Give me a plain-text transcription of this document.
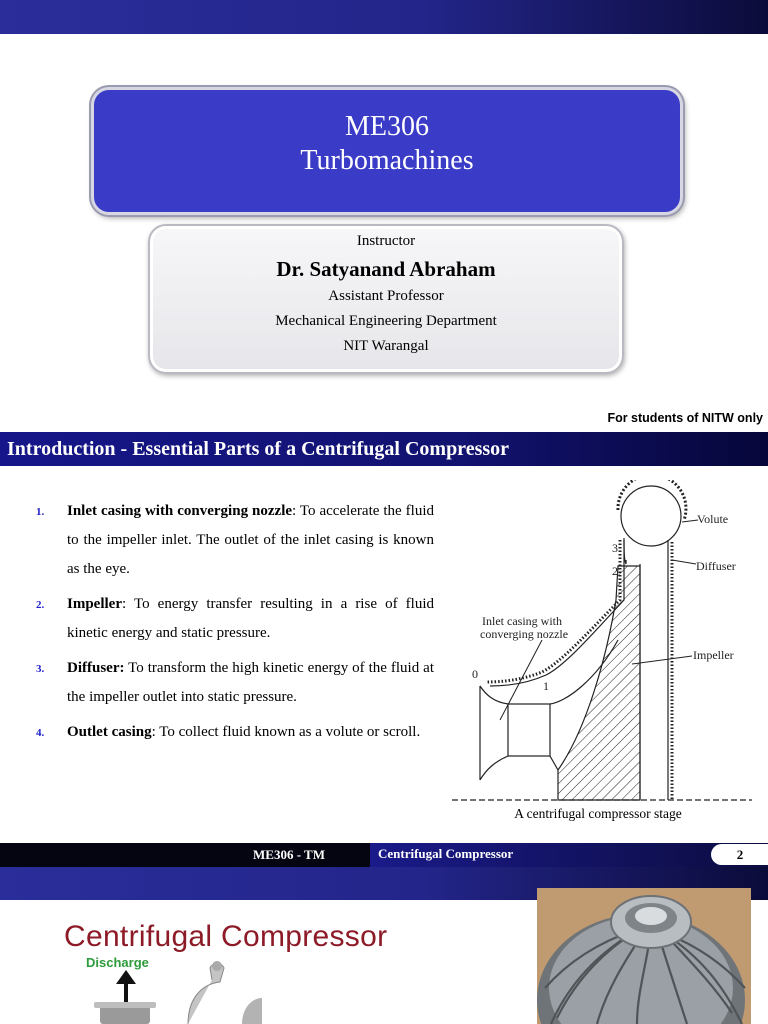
ME306
Turbomachines
Instructor
Dr. Satyanand Abraham
Assistant Professor
Mechanical Engineering Department
NIT Warangal
For students of NITW only
Introduction - Essential Parts of a Centrifugal Compressor
1.	Inlet casing with converging nozzle: To accelerate the fluid to the impeller inlet. The outlet of the inlet casing is known as the eye.
2.	Impeller: To energy transfer resulting in a rise of fluid kinetic energy and static pressure.
3.	Diffuser: To transform the high kinetic energy of the fluid at the impeller outlet into static pressure.
4.	Outlet casing: To collect fluid known as a volute or scroll.
Volute
Diffuser
Impeller
Inlet casing with
converging nozzle
0
1
2
3
A centrifugal compressor stage
ME306 - TM	Centrifugal Compressor	2
Centrifugal Compressor
Discharge
